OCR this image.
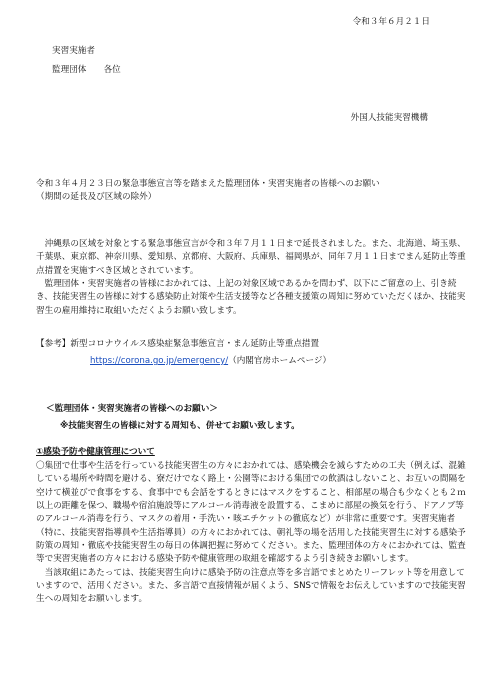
令和３年６月２１日
実習実施者
監理団体　　各位
外国人技能実習機構
令和３年４月２３日の緊急事態宣言等を踏まえた監理団体・実習実施者の皆様へのお願い
（期間の延長及び区域の除外）

沖縄県の区域を対象とする緊急事態宣言が令和３年７月１１日まで延長されました。また、北海道、埼玉県、千葉県、東京都、神奈川県、愛知県、京都府、大阪府、兵庫県、福岡県が、同年７月１１日までまん延防止等重点措置を実施すべき区域とされています。

監理団体・実習実施者の皆様におかれては、上記の対象区域であるかを問わず、以下にご留意の上、引き続き、技能実習生の皆様に対する感染防止対策や生活支援等など各種支援策の周知に努めていただくほか、技能実習生の雇用維持に取組いただくようお願い致します。

【参考】新型コロナウイルス感染症緊急事態宣言・まん延防止等重点措置
https://corona.go.jp/emergency/（内閣官房ホームページ）
＜監理団体・実習実施者の皆様へのお願い＞
※技能実習生の皆様に対する周知も、併せてお願い致します。
①感染予防や健康管理について

〇集団で仕事や生活を行っている技能実習生の方々におかれては、感染機会を減らすための工夫（例えば、混雑している場所や時間を避ける、寮だけでなく路上・公園等における集団での飲酒はしないこと、お互いの間隔を空けて横並びで食事をする、食事中でも会話をするときにはマスクをすること、相部屋の場合も少なくとも２ｍ以上の距離を保つ、職場や宿泊施設等にアルコール消毒液を設置する、こまめに部屋の換気を行う、ドアノブ等のアルコール消毒を行う、マスクの着用・手洗い・咳エチケットの徹底など）が非常に重要です。実習実施者（特に、技能実習指導員や生活指導員）の方々におかれては、朝礼等の場を活用した技能実習生に対する感染予防策の周知・徹底や技能実習生の毎日の体調把握に努めてください。また、監理団体の方々におかれては、監査等で実習実施者の方々における感染予防や健康管理の取組を確認するよう引き続きお願いします。

当該取組にあたっては、技能実習生向けに感染予防の注意点等を多言語でまとめたリーフレット等を用意していますので、活用ください。また、多言語で直接情報が届くよう、SNSで情報をお伝えしていますので技能実習生への周知をお願いします。
